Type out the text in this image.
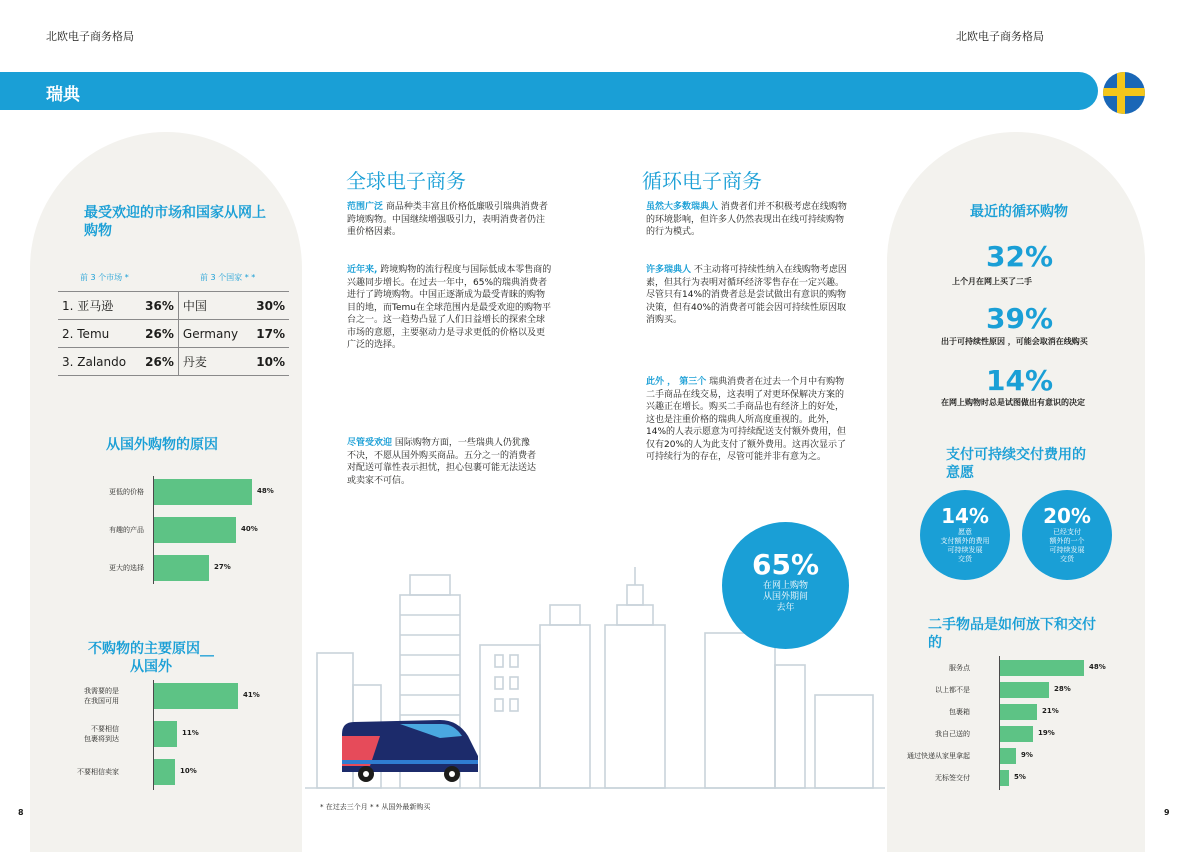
北欧电子商务格局	北欧电子商务格局
瑞典
最受欢迎的市场和国家从网上购物
前 3 个市场 *	前 3 个国家 * *
1. 亚马逊	36%	中国	30%
2. Temu	26%	Germany	17%
3. Zalando	26%	丹麦	10%
从国外购物的原因
48%
更低的价格
40%
有趣的产品
27%
更大的选择
不购物的主要原因__
从国外
41%
我需要的是
在我国可用
11%
不要相信
包裹将到达
10%
不要相信卖家
全球电子商务
范围广泛 商品种类丰富且价格低廉吸引瑞典消费者跨境购物。中国继续增强吸引力，表明消费者仍注重价格因素。
近年来, 跨境购物的流行程度与国际低成本零售商的兴趣同步增长。在过去一年中，65%的瑞典消费者进行了跨境购物。中国正逐渐成为最受青睐的购物目的地，而Temu在全球范围内是最受欢迎的购物平台之一。这一趋势凸显了人们日益增长的探索全球市场的意愿，主要驱动力是寻求更低的价格以及更广泛的选择。
尽管受欢迎 国际购物方面，一些瑞典人仍犹豫不决，不愿从国外购买商品。五分之一的消费者对配送可靠性表示担忧，担心包裹可能无法送达或卖家不可信。
循环电子商务
虽然大多数瑞典人 消费者们并不积极考虑在线购物的环境影响，但许多人仍然表现出在线可持续购物的行为模式。
许多瑞典人 不主动将可持续性纳入在线购物考虑因素，但其行为表明对循环经济零售存在一定兴趣。尽管只有14%的消费者总是尝试做出有意识的购物决策，但有40%的消费者可能会因可持续性原因取消购买。
此外 ， 第三个 瑞典消费者在过去一个月中有购物二手商品在线交易，这表明了对更环保解决方案的兴趣正在增长。购买二手商品也有经济上的好处，这也是注重价格的瑞典人所高度重视的。此外，14%的人表示愿意为可持续配送支付额外费用，但仅有20%的人为此支付了额外费用。这再次显示了可持续行为的存在，尽管可能并非有意为之。
65%
在网上购物
从国外期间
去年
* 在过去三个月 * * 从国外最新购买
最近的循环购物
32%
上个月在网上买了二手
39%
出于可持续性原因 ，可能会取消在线购买
14%
在网上购物时总是试图做出有意识的决定
支付可持续交付费用的意愿
14%
愿意
支付额外的费用
可持续发展
交货
20%
已经支付
额外的一个
可持续发展
交货
二手物品是如何放下和交付的
48%
服务点
28%
以上都不是
21%
包裹箱
19%
我自己送的
9%
通过快递从家里拿起
5%
无标签交付
8	9
